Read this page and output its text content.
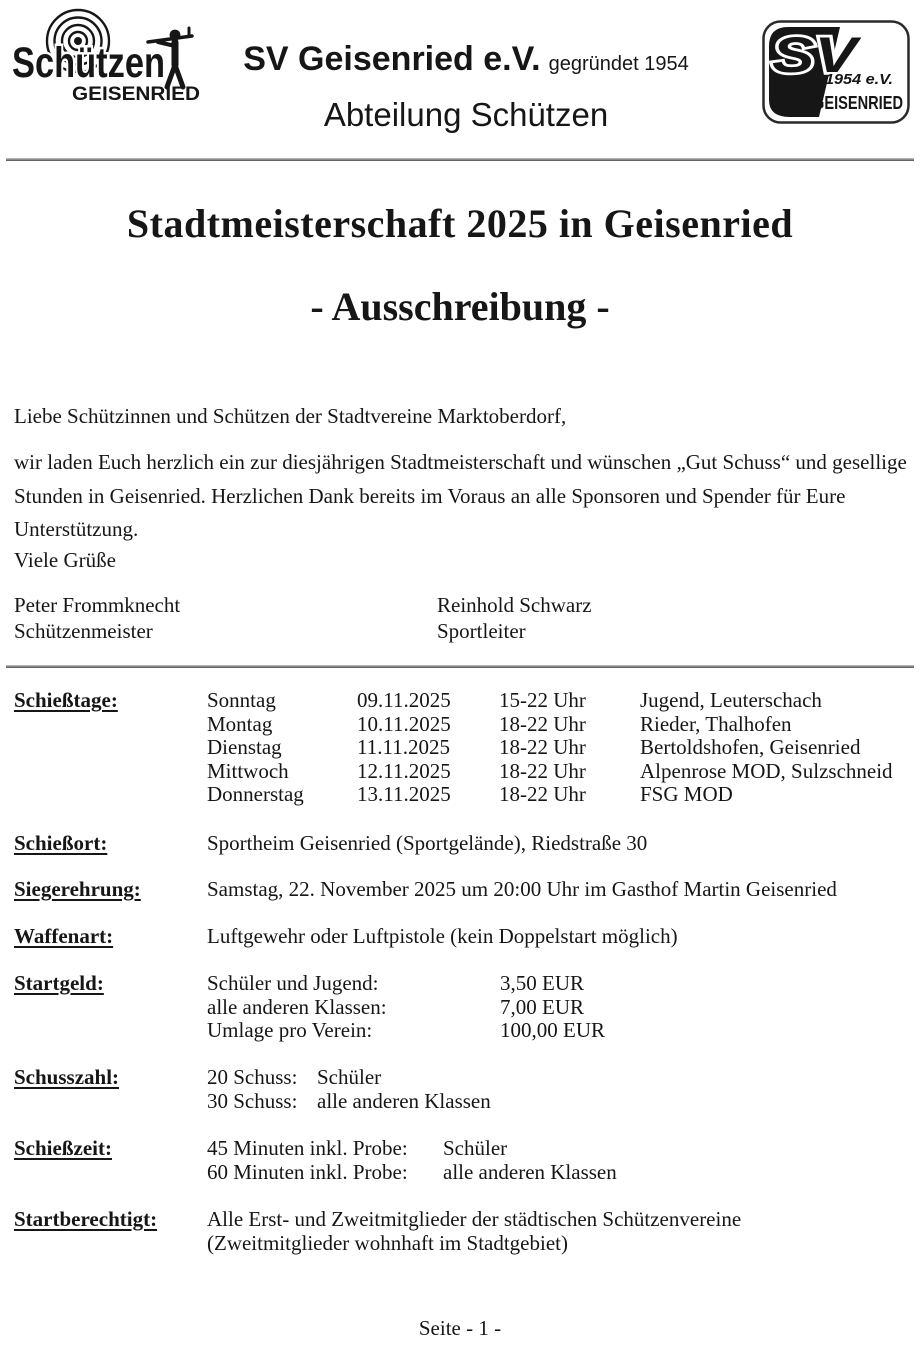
Schützen
GEISENRIED
SV Geisenried e.V. gegründet 1954
Abteilung Schützen
SV
1954 e.V.
GEISENRIED
Stadtmeisterschaft 2025 in Geisenried
- Ausschreibung -
Liebe Schützinnen und Schützen der Stadtvereine Marktoberdorf,
wir laden Euch herzlich ein zur diesjährigen Stadtmeisterschaft und wünschen „Gut Schuss“ und gesellige Stunden in Geisenried. Herzlichen Dank bereits im Voraus an alle Sponsoren und Spender für Eure Unterstützung.
Viele Grüße
Peter Frommknecht
Schützenmeister
Reinhold Schwarz
Sportleiter
Schießtage:	Sonntag	09.11.2025	15-22 Uhr	Jugend, Leuterschach
Montag	10.11.2025	18-22 Uhr	Rieder, Thalhofen
Dienstag	11.11.2025	18-22 Uhr	Bertoldshofen, Geisenried
Mittwoch	12.11.2025	18-22 Uhr	Alpenrose MOD, Sulzschneid
Donnerstag	13.11.2025	18-22 Uhr	FSG MOD
Schießort:	Sportheim Geisenried (Sportgelände), Riedstraße 30
Siegerehrung:	Samstag, 22. November 2025 um 20:00 Uhr im Gasthof Martin Geisenried
Waffenart:	Luftgewehr oder Luftpistole (kein Doppelstart möglich)
Startgeld:	Schüler und Jugend:	3,50 EUR
alle anderen Klassen:	7,00 EUR
Umlage pro Verein:	100,00 EUR
Schusszahl:	20 Schuss: Schüler
30 Schuss: alle anderen Klassen
Schießzeit:	45 Minuten inkl. Probe:	Schüler
60 Minuten inkl. Probe:	alle anderen Klassen
Startberechtigt:	Alle Erst- und Zweitmitglieder der städtischen Schützenvereine
(Zweitmitglieder wohnhaft im Stadtgebiet)
Seite - 1 -
